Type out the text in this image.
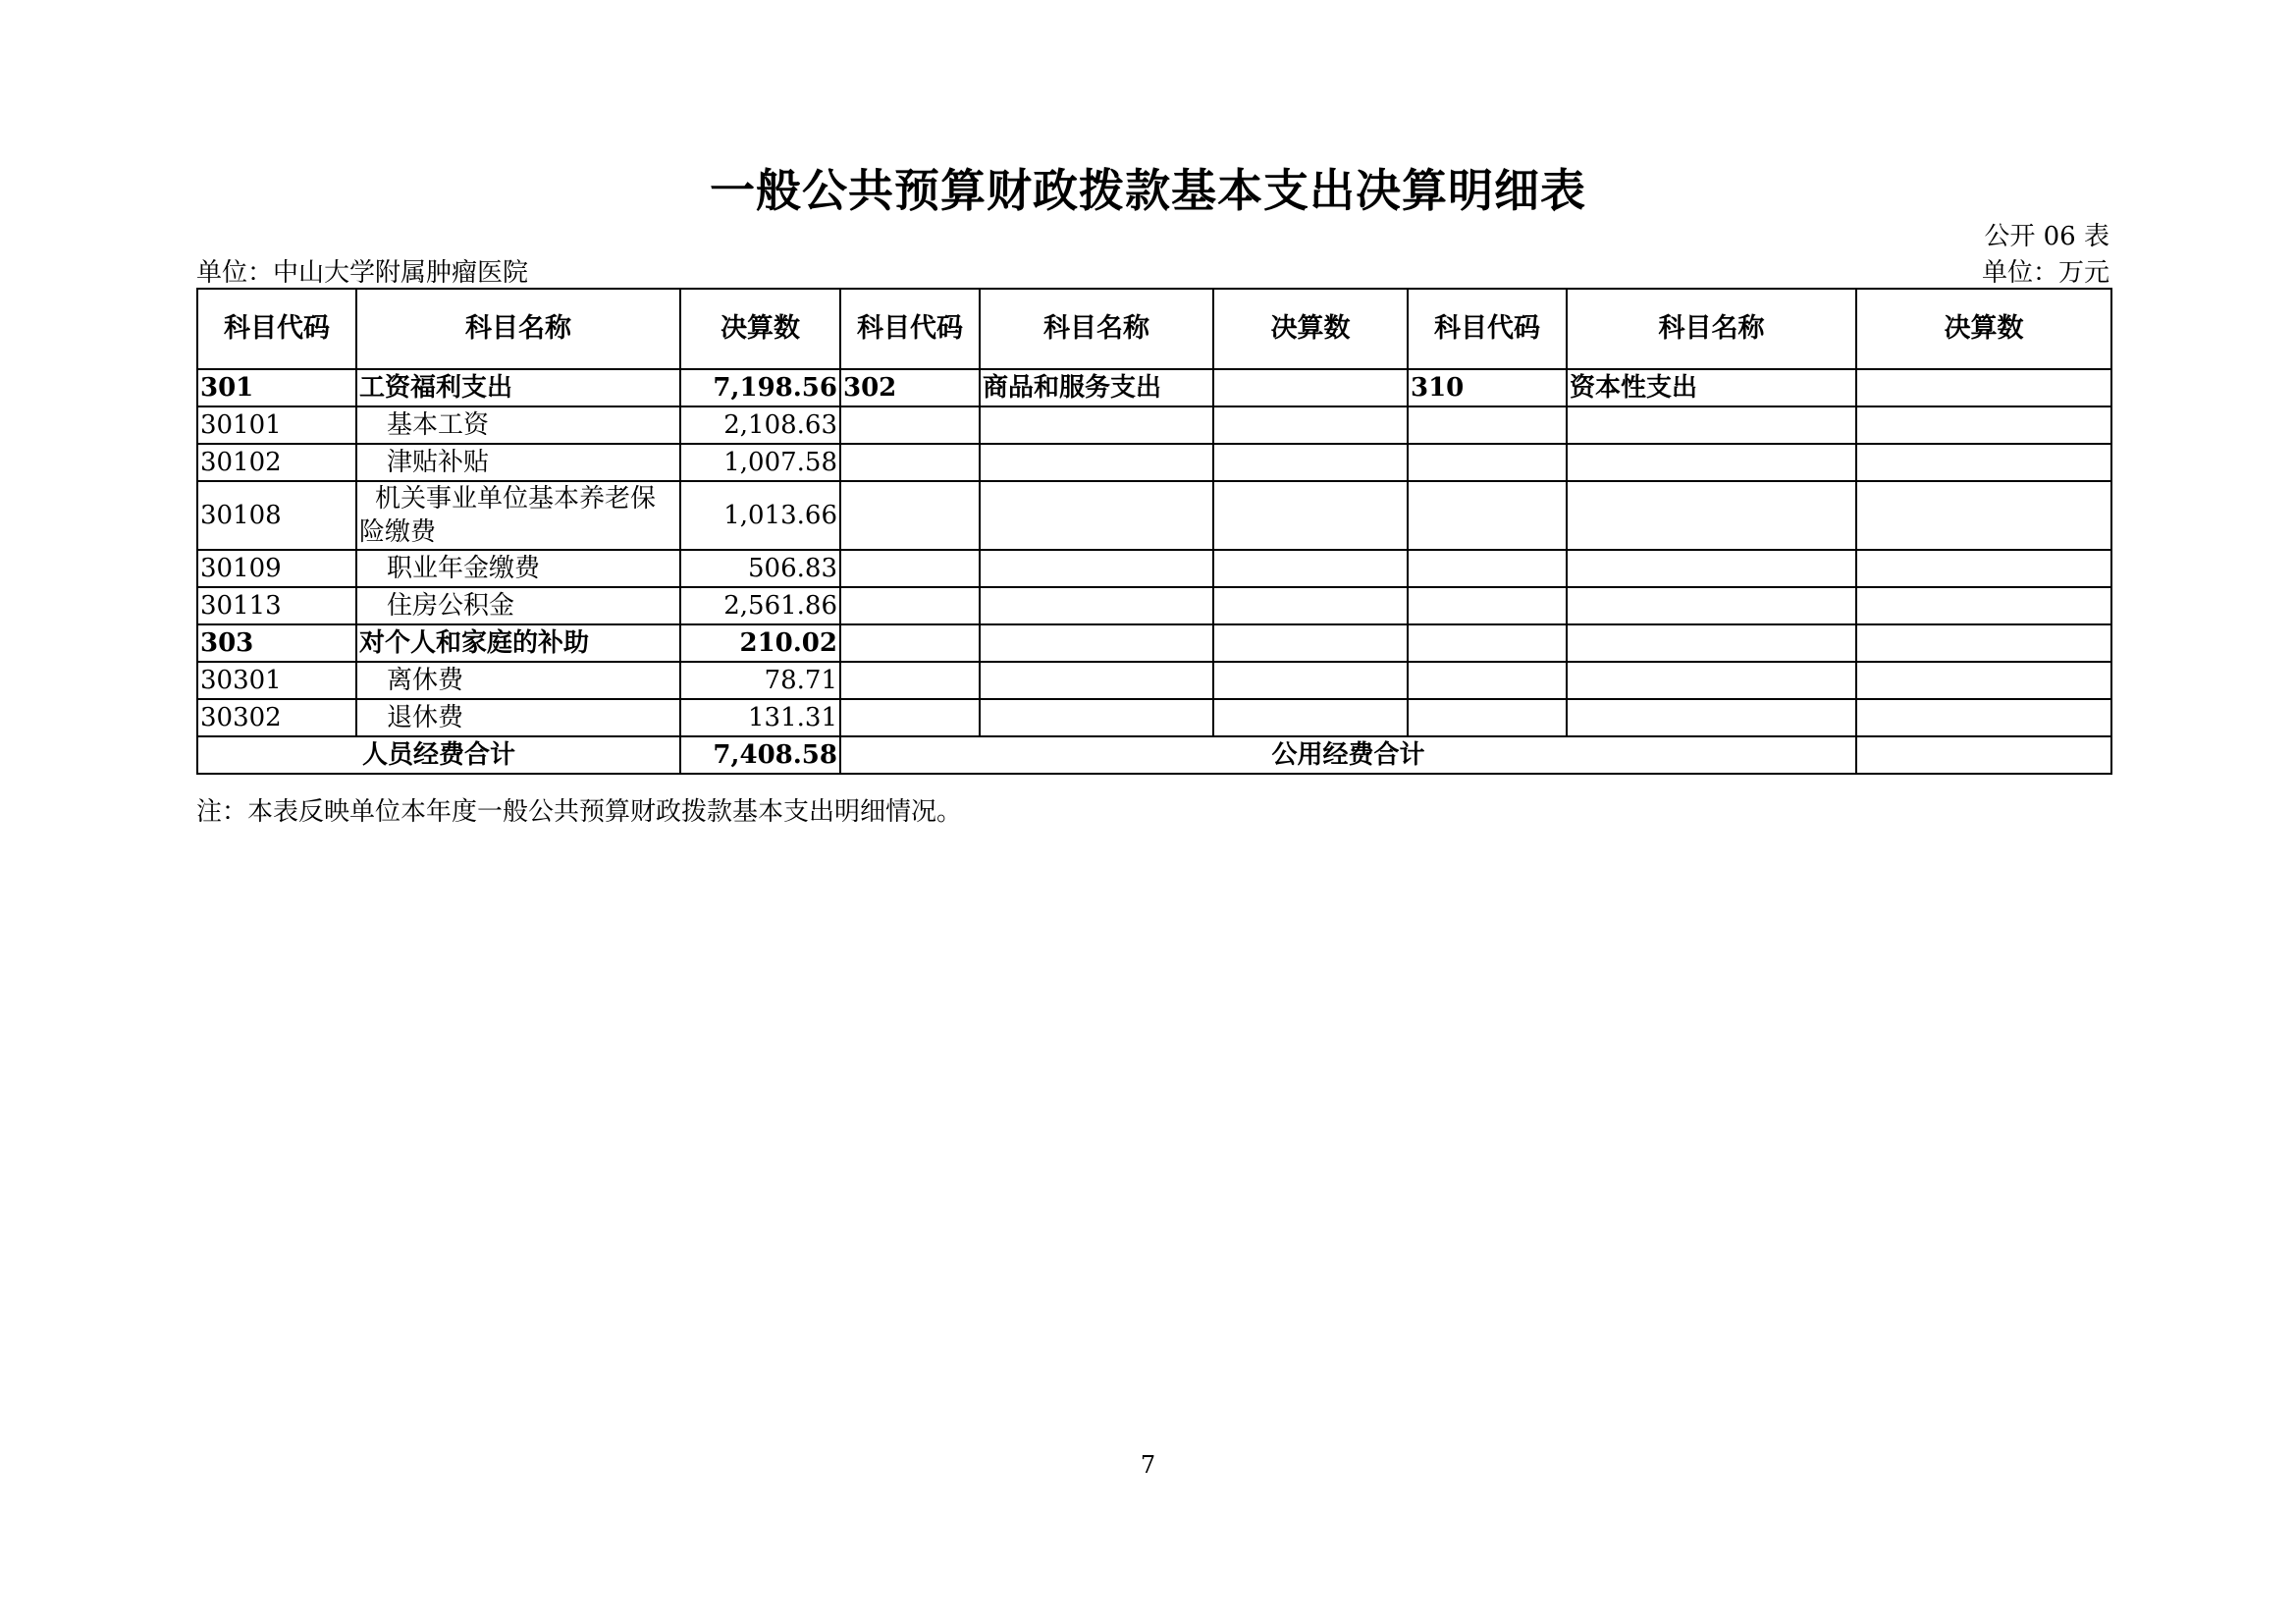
一般公共预算财政拨款基本支出决算明细表
公开 06 表
单位：中山大学附属肿瘤医院	单位：万元
科目代码	科目名称	决算数	科目代码	科目名称	决算数	科目代码	科目名称	决算数
301	工资福利支出	7,198.56	302	商品和服务支出		310	资本性支出	
30101	基本工资	2,108.63						
30102	津贴补贴	1,007.58						
30108	机关事业单位基本养老保险缴费	1,013.66						
30109	职业年金缴费	506.83						
30113	住房公积金	2,561.86						
303	对个人和家庭的补助	210.02						
30301	离休费	78.71						
30302	退休费	131.31						
人员经费合计		7,408.58	公用经费合计					
注：本表反映单位本年度一般公共预算财政拨款基本支出明细情况。
7
